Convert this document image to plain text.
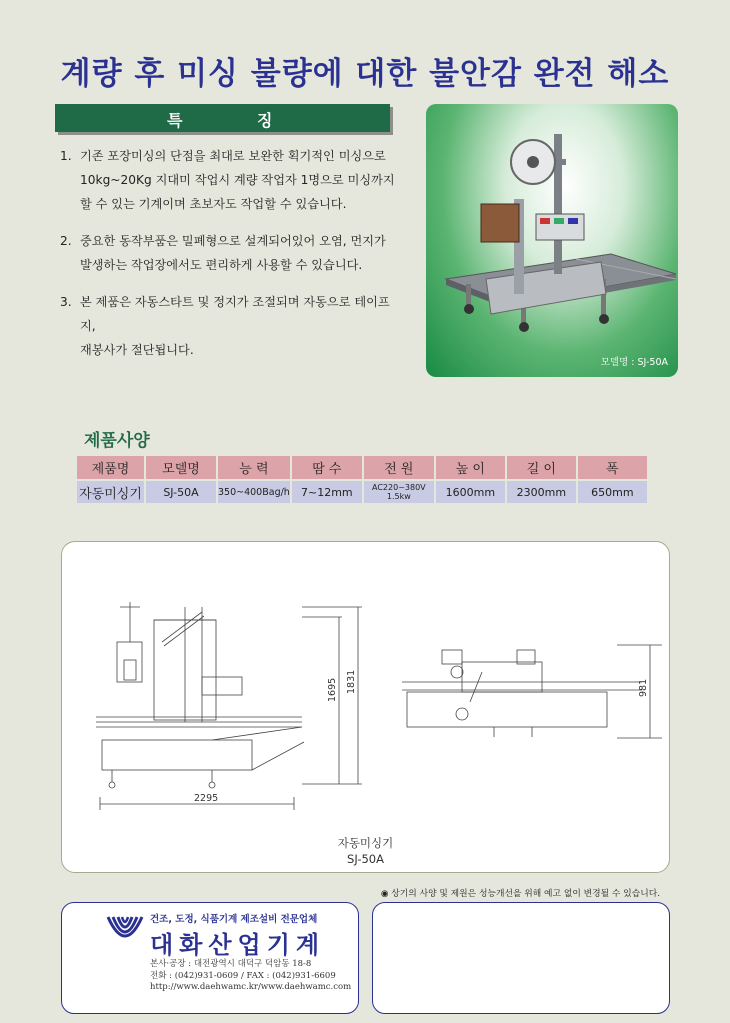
계량 후 미싱 불량에 대한 불안감 완전 해소
특	징
1. 기존 포장미싱의 단점을 최대로 보완한 획기적인 미싱으로
10kg~20Kg 지대미 작업시 계량 작업자 1명으로 미싱까지
할 수 있는 기계이며 초보자도 작업할 수 있습니다.
2. 중요한 동작부품은 밀폐형으로 설계되어있어 오염, 먼지가
발생하는 작업장에서도 편리하게 사용할 수 있습니다.
3. 본 제품은 자동스타트 및 정지가 조절되며 자동으로 테이프지,
재봉사가 절단됩니다.
모델명 : SJ-50A
제품사양
제품명	모델명	능 력	땀 수	전 원	높 이	길 이	폭
자동미싱기	SJ-50A	350~400Bag/h	7~12mm	AC220~380V 1.5kw	1600mm	2300mm	650mm
2295
1695 1831	981
자동미싱기
SJ-50A
◉ 상기의 사양 및 제원은 성능개선을 위해 예고 없이 변경될 수 있습니다.
건조, 도정, 식품기계 제조설비 전문업체
대화산업기계
본사·공장 : 대전광역시 대덕구 덕암동 18-8
전화 : (042)931-0609 / FAX : (042)931-6609
http://www.daehwamc.kr/www.daehwamc.com
